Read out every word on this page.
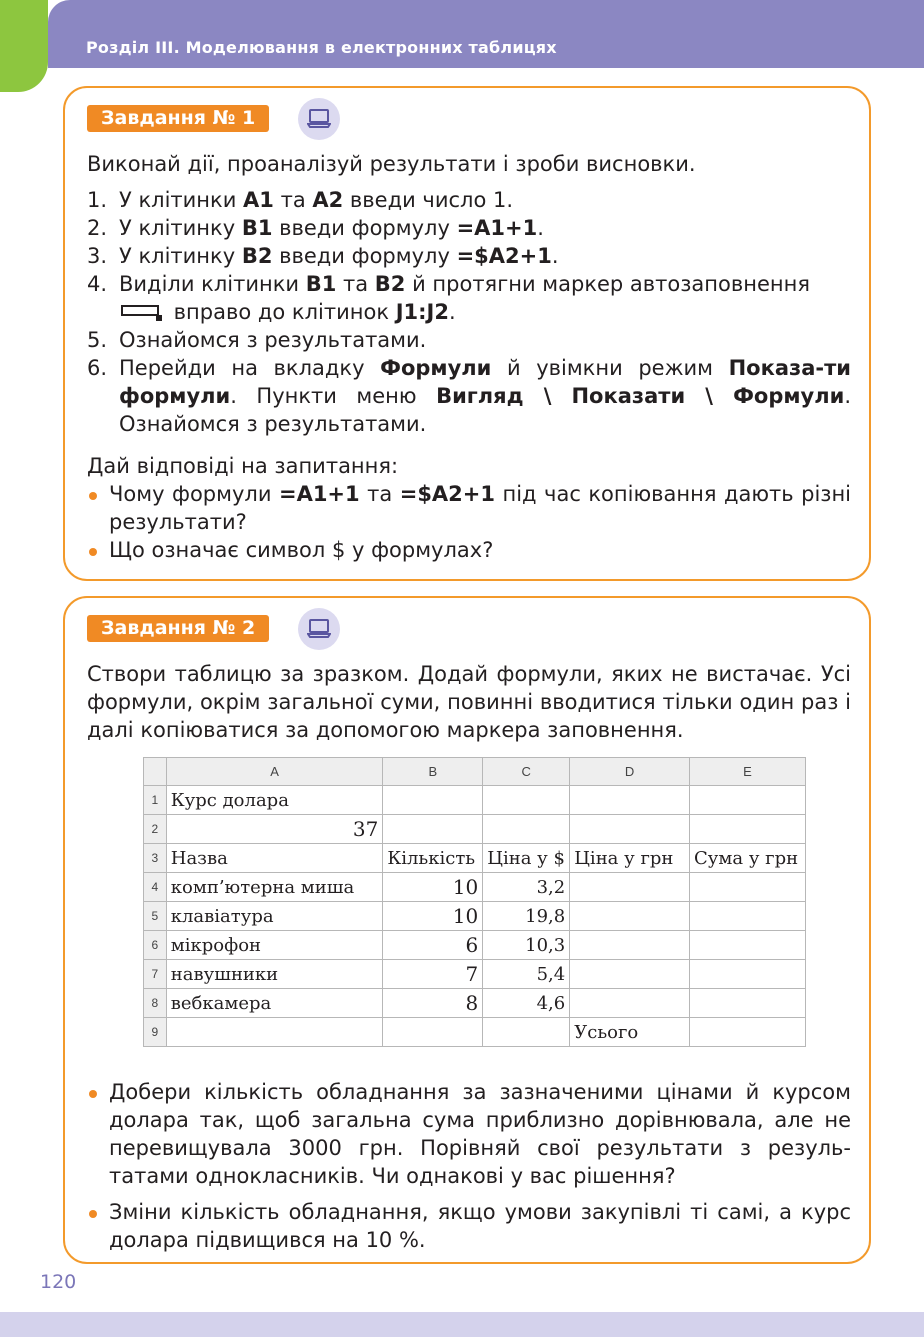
Розділ III. Моделювання в електронних таблицях
Завдання № 1
Виконай дії, проаналізуй результати і зроби висновки.
1. У клітинки A1 та A2 введи число 1.
2. У клітинку B1 введи формулу =A1+1.
3. У клітинку B2 введи формулу =$A2+1.
4. Виділи клітинки B1 та B2 й протягни маркер автозаповнення

вправо до клітинок J1:J2.
5. Ознайомся з результатами.
6. Перейди на вкладку Формули й увімкни режим Показа-ти формули. Пункти меню Вигляд \ Показати \ Формули. Ознайомся з результатами.
Дай відповіді на запитання:
Чому формули =A1+1 та =$A2+1 під час копіювання дають різні результати?
Що означає символ $ у формулах?
Завдання № 2
Створи таблицю за зразком. Додай формули, яких не вистачає. Усі формули, окрім загальної суми, повинні вводитися тільки один раз і далі копіюватися за допомогою маркера заповнення.
Добери кількість обладнання за зазначеними цінами й курсом долара так, щоб загальна сума приблизно дорівнювала, але не перевищувала 3000 грн. Порівняй свої результати з резуль-татами однокласників. Чи однакові у вас рішення?
Зміни кількість обладнання, якщо умови закупівлі ті самі, а курс долара підвищився на 10 %.
	A	B	C	D	E
1	Курс долара				
2	37				
3	Назва	Кількість	Ціна у $	Ціна у грн	Сума у грн
4	комп’ютерна миша	10	3,2		
5	клавіатура	10	19,8		
6	мікрофон	6	10,3		
7	навушники	7	5,4		
8	вебкамера	8	4,6		
9				Усього	
120
